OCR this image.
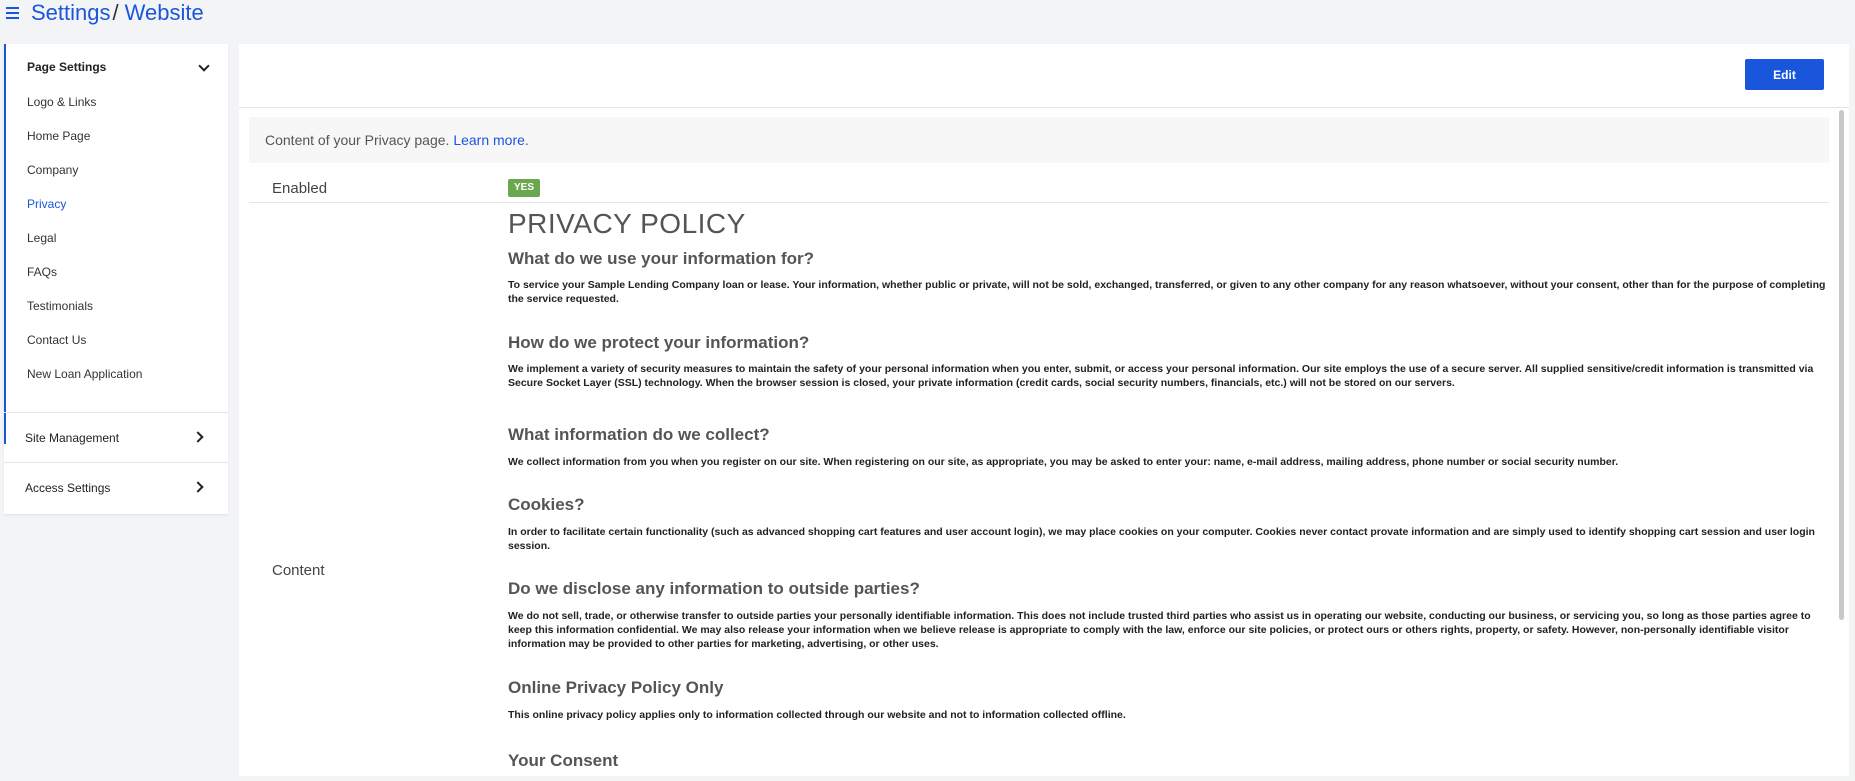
Settings/ Website
Page Settings
Logo & Links
Home Page
Company
Privacy
Legal
FAQs
Testimonials
Contact Us
New Loan Application
Site Management
Access Settings
Edit
Content of your Privacy page. Learn more.
Enabled	YES
Content
PRIVACY POLICY
What do we use your information for?

To service your Sample Lending Company loan or lease. Your information, whether public or private, will not be sold, exchanged, transferred, or given to any other company for any reason whatsoever, without your consent, other than for the purpose of completing the service requested.

How do we protect your information?

We implement a variety of security measures to maintain the safety of your personal information when you enter, submit, or access your personal information. Our site employs the use of a secure server. All supplied sensitive/credit information is transmitted via Secure Socket Layer (SSL) technology. When the browser session is closed, your private information (credit cards, social security numbers, financials, etc.) will not be stored on our servers.

What information do we collect?

We collect information from you when you register on our site. When registering on our site, as appropriate, you may be asked to enter your: name, e-mail address, mailing address, phone number or social security number.

Cookies?

In order to facilitate certain functionality (such as advanced shopping cart features and user account login), we may place cookies on your computer. Cookies never contact provate information and are simply used to identify shopping cart session and user login session.

Do we disclose any information to outside parties?

We do not sell, trade, or otherwise transfer to outside parties your personally identifiable information. This does not include trusted third parties who assist us in operating our website, conducting our business, or servicing you, so long as those parties agree to keep this information confidential. We may also release your information when we believe release is appropriate to comply with the law, enforce our site policies, or protect ours or others rights, property, or safety. However, non-personally identifiable visitor information may be provided to other parties for marketing, advertising, or other uses.

Online Privacy Policy Only

This online privacy policy applies only to information collected through our website and not to information collected offline.

Your Consent
